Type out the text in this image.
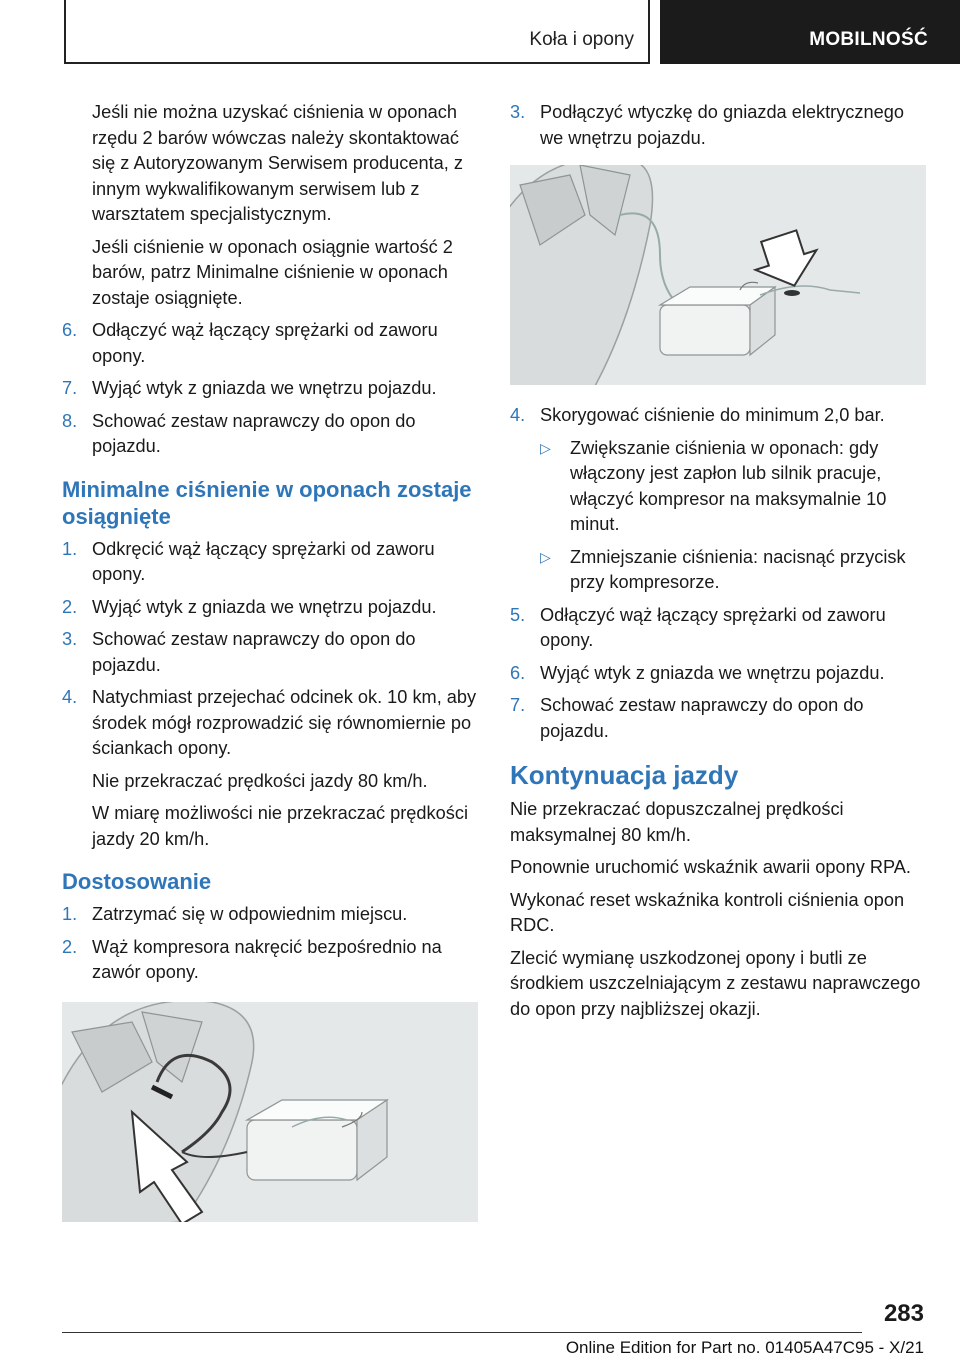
Koła i opony	MOBILNOŚĆ

Jeśli nie można uzyskać ciśnienia w oponach rzędu 2 barów wówczas należy skontaktować się z Autoryzowanym Serwisem producenta, z innym wykwalifikowanym serwisem lub z warsztatem specjalistycznym.

Jeśli ciśnienie w oponach osiągnie wartość 2 barów, patrz Minimalne ciśnienie w oponach zostaje osiągnięte.

6. Odłączyć wąż łączący sprężarki od zaworu opony.
7. Wyjąć wtyk z gniazda we wnętrzu pojazdu.
8. Schować zestaw naprawczy do opon do pojazdu.
Minimalne ciśnienie w oponach zostaje osiągnięte
1. Odkręcić wąż łączący sprężarki od zaworu opony.
2. Wyjąć wtyk z gniazda we wnętrzu pojazdu.
3. Schować zestaw naprawczy do opon do pojazdu.
4. Natychmiast przejechać odcinek ok. 10 km, aby środek mógł rozprowadzić się równomiernie po ściankach opony.

Nie przekraczać prędkości jazdy 80 km/h.

W miarę możliwości nie przekraczać prędkości jazdy 20 km/h.

Dostosowanie
1. Zatrzymać się w odpowiednim miejscu.
2. Wąż kompresora nakręcić bezpośrednio na zawór opony.
3. Podłączyć wtyczkę do gniazda elektrycznego we wnętrzu pojazdu.
4. Skorygować ciśnienie do minimum 2,0 bar.
▷ Zwiększanie ciśnienia w oponach: gdy włączony jest zapłon lub silnik pracuje, włączyć kompresor na maksymalnie 10 minut.
▷ Zmniejszanie ciśnienia: nacisnąć przycisk przy kompresorze.
5. Odłączyć wąż łączący sprężarki od zaworu opony.
6. Wyjąć wtyk z gniazda we wnętrzu pojazdu.
7. Schować zestaw naprawczy do opon do pojazdu.
Kontynuacja jazdy

Nie przekraczać dopuszczalnej prędkości maksymalnej 80 km/h.

Ponownie uruchomić wskaźnik awarii opony RPA.

Wykonać reset wskaźnika kontroli ciśnienia opon RDC.

Zlecić wymianę uszkodzonej opony i butli ze środkiem uszczelniającym z zestawu naprawczego do opon przy najbliższej okazji.

283
Online Edition for Part no. 01405A47C95 - X/21
